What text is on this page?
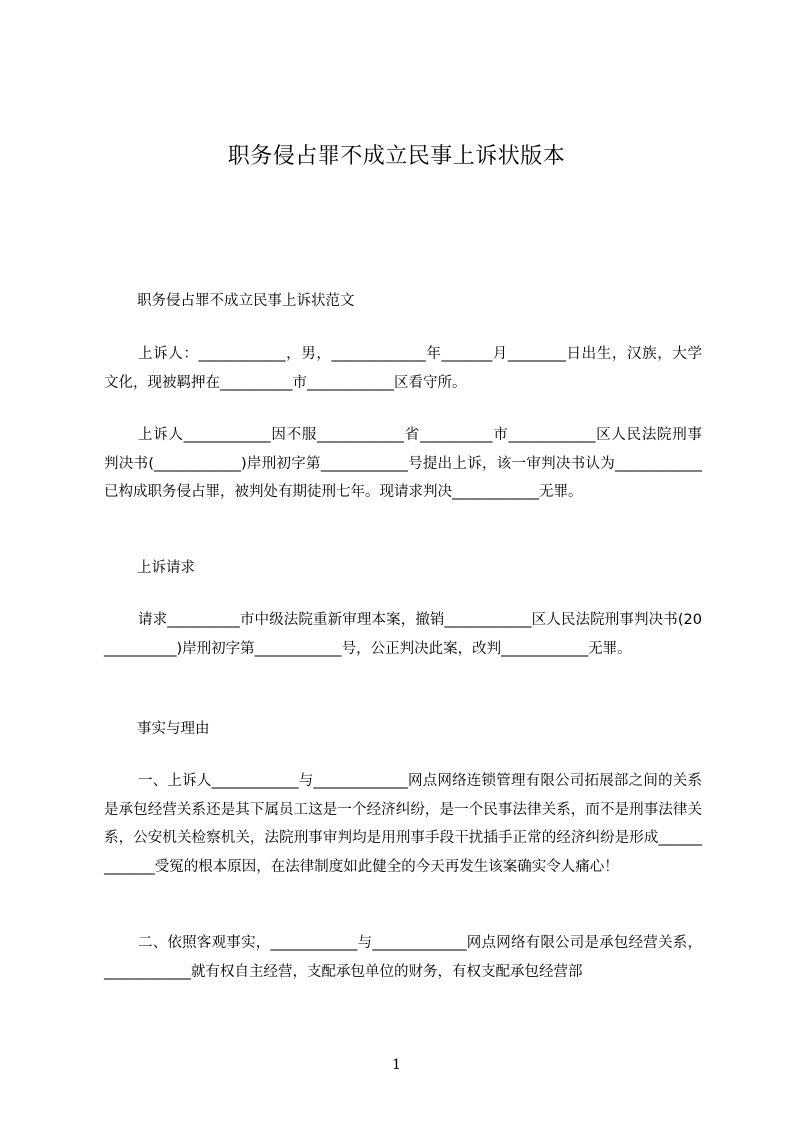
职务侵占罪不成立民事上诉状版本

职务侵占罪不成立民事上诉状范文

上诉人：____________，男，_____________年_______月________日出生，汉族，大学文化，现被羁押在__________市____________区看守所。

上诉人____________因不服____________省__________市____________区人民法院刑事判决书(____________)岸刑初字第____________号提出上诉，该一审判决书认为____________已构成职务侵占罪，被判处有期徒刑七年。现请求判决____________无罪。

上诉请求

请求__________市中级法院重新审理本案，撤销____________区人民法院刑事判决书(20__________)岸刑初字第____________号，公正判决此案，改判____________无罪。

事实与理由

一、上诉人____________与_____________网点网络连锁管理有限公司拓展部之间的关系是承包经营关系还是其下属员工这是一个经济纠纷，是一个民事法律关系，而不是刑事法律关系，公安机关检察机关，法院刑事审判均是用刑事手段干扰插手正常的经济纠纷是形成_____________受冤的根本原因，在法律制度如此健全的今天再发生该案确实令人痛心！

二、依照客观事实，____________与_____________网点网络有限公司是承包经营关系，____________就有权自主经营，支配承包单位的财务，有权支配承包经营部

1
